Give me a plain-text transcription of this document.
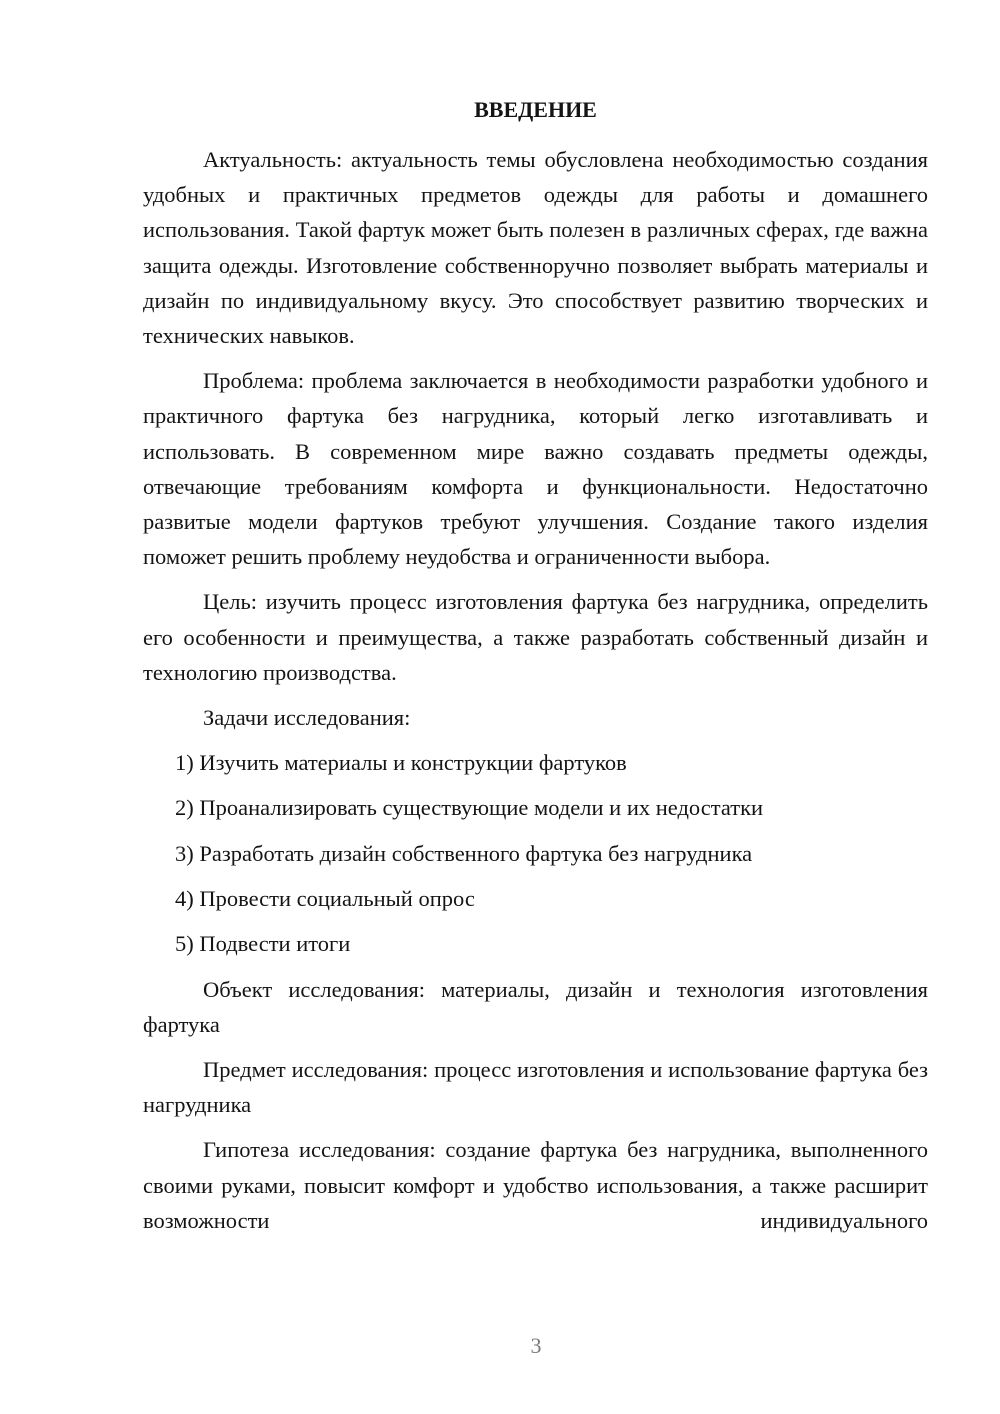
ВВЕДЕНИЕ

Актуальность: актуальность темы обусловлена необходимостью создания удобных и практичных предметов одежды для работы и домашнего использования. Такой фартук может быть полезен в различных сферах, где важна защита одежды. Изготовление собственноручно позволяет выбрать материалы и дизайн по индивидуальному вкусу. Это способствует развитию творческих и технических навыков.

Проблема: проблема заключается в необходимости разработки удобного и практичного фартука без нагрудника, который легко изготавливать и использовать. В современном мире важно создавать предметы одежды, отвечающие требованиям комфорта и функциональности. Недостаточно развитые модели фартуков требуют улучшения. Создание такого изделия поможет решить проблему неудобства и ограниченности выбора.

Цель: изучить процесс изготовления фартука без нагрудника, определить его особенности и преимущества, а также разработать собственный дизайн и технологию производства.

Задачи исследования:

1) Изучить материалы и конструкции фартуков
2) Проанализировать существующие модели и их недостатки
3) Разработать дизайн собственного фартука без нагрудника
4) Провести социальный опрос
5) Подвести итоги

Объект исследования: материалы, дизайн и технология изготовления фартука

Предмет исследования: процесс изготовления и использование фартука без нагрудника

Гипотеза исследования: создание фартука без нагрудника, выполненного своими руками, повысит комфорт и удобство использования, а также расширит возможности индивидуального

3
